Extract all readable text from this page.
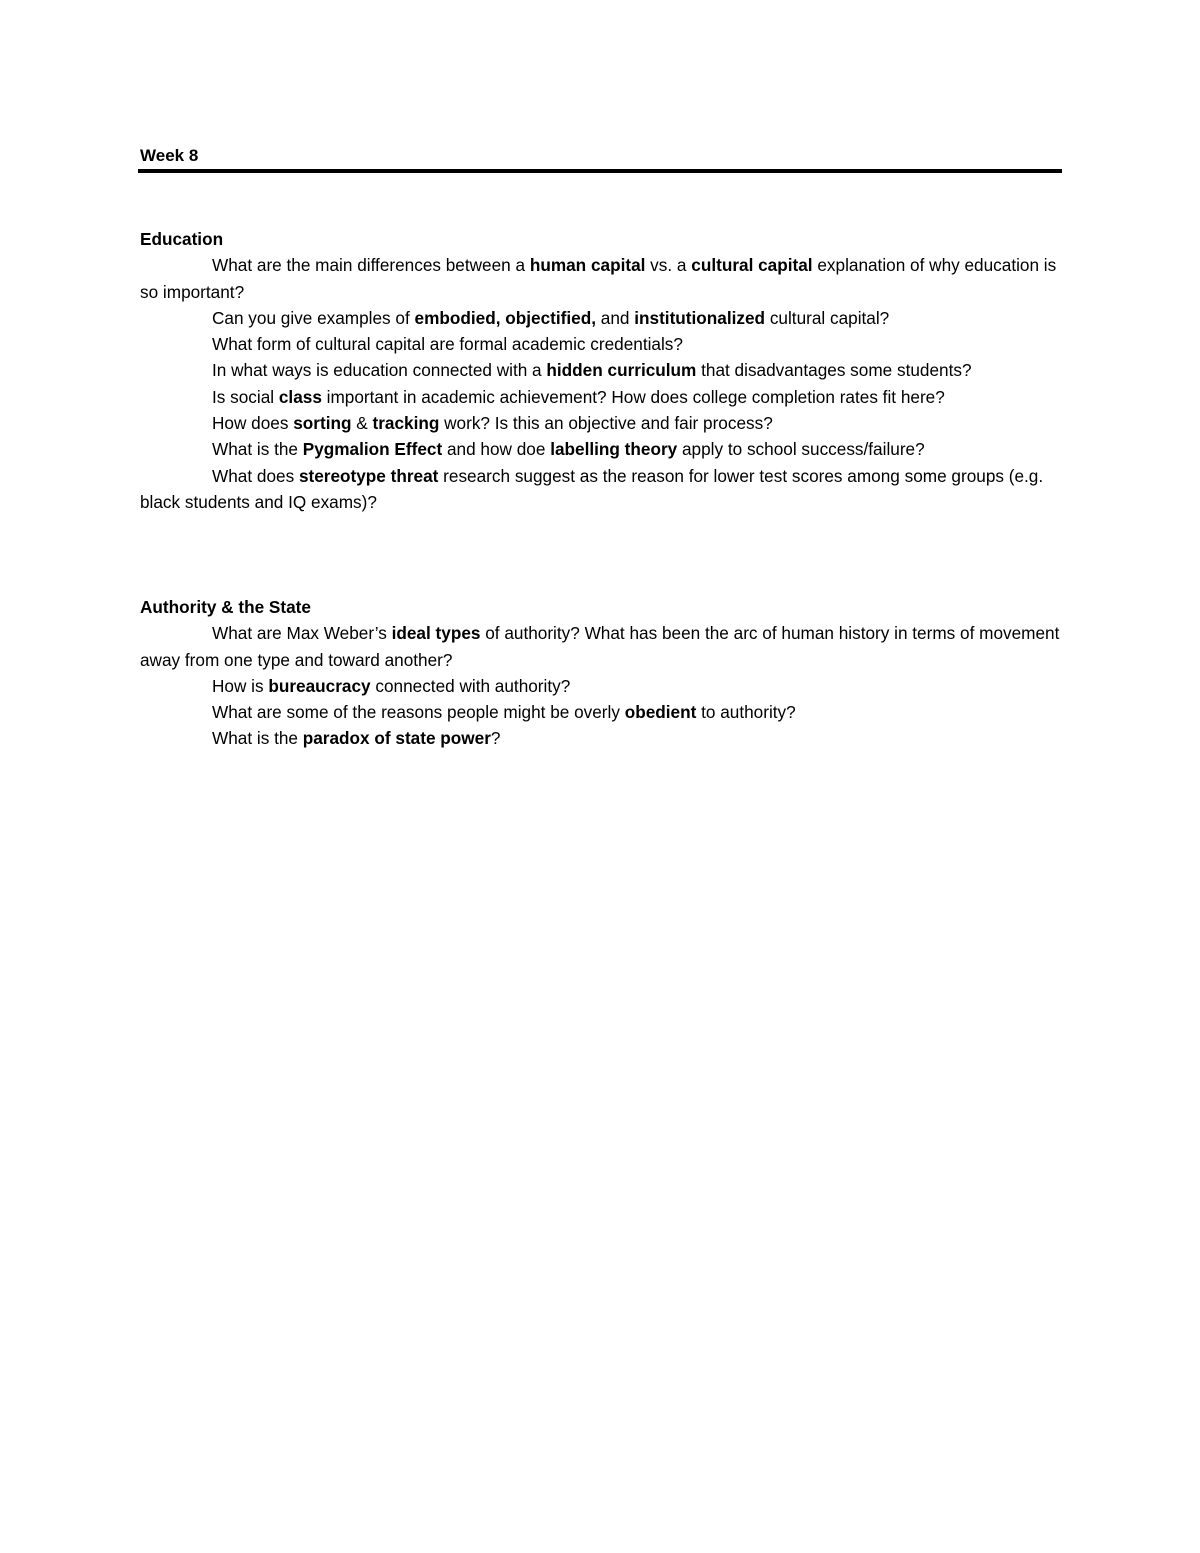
Week 8

Education

What are the main differences between a human capital vs. a cultural capital explanation of why education is so important?

Can you give examples of embodied, objectified, and institutionalized cultural capital?

What form of cultural capital are formal academic credentials?

In what ways is education connected with a hidden curriculum that disadvantages some students?

Is social class important in academic achievement? How does college completion rates fit here?

How does sorting & tracking work? Is this an objective and fair process?

What is the Pygmalion Effect and how doe labelling theory apply to school success/failure?

What does stereotype threat research suggest as the reason for lower test scores among some groups (e.g. black students and IQ exams)?

Authority & the State

What are Max Weber’s ideal types of authority? What has been the arc of human history in terms of movement away from one type and toward another?

How is bureaucracy connected with authority?

What are some of the reasons people might be overly obedient to authority?

What is the paradox of state power?
